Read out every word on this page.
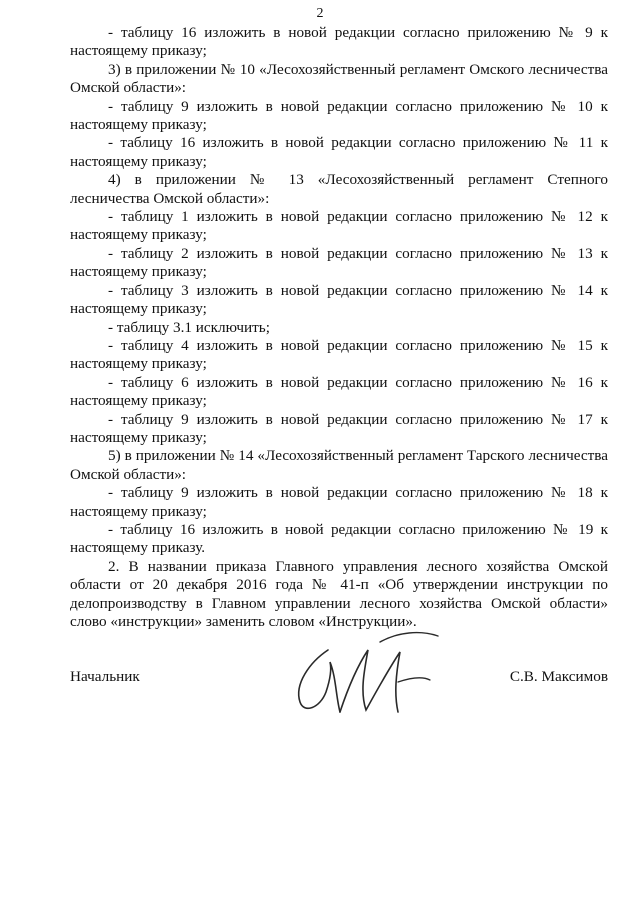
2

- таблицу 16 изложить в новой редакции согласно приложению № 9 к настоящему приказу;

3) в приложении № 10 «Лесохозяйственный регламент Омского лесничества Омской области»:

- таблицу 9 изложить в новой редакции согласно приложению № 10 к настоящему приказу;

- таблицу 16 изложить в новой редакции согласно приложению № 11 к настоящему приказу;

4) в приложении № 13 «Лесохозяйственный регламент Степного лесничества Омской области»:

- таблицу 1 изложить в новой редакции согласно приложению № 12 к настоящему приказу;

- таблицу 2 изложить в новой редакции согласно приложению № 13 к настоящему приказу;

- таблицу 3 изложить в новой редакции согласно приложению № 14 к настоящему приказу;

- таблицу 3.1 исключить;

- таблицу 4 изложить в новой редакции согласно приложению № 15 к настоящему приказу;

- таблицу 6 изложить в новой редакции согласно приложению № 16 к настоящему приказу;

- таблицу 9 изложить в новой редакции согласно приложению № 17 к настоящему приказу;

5) в приложении № 14 «Лесохозяйственный регламент Тарского лесничества Омской области»:

- таблицу 9 изложить в новой редакции согласно приложению № 18 к настоящему приказу;

- таблицу 16 изложить в новой редакции согласно приложению № 19 к настоящему приказу.

2. В названии приказа Главного управления лесного хозяйства Омской области от 20 декабря 2016 года № 41-п «Об утверждении инструкции по делопроизводству в Главном управлении лесного хозяйства Омской области» слово «инструкции» заменить словом «Инструкции».

Начальник	С.В. Максимов
